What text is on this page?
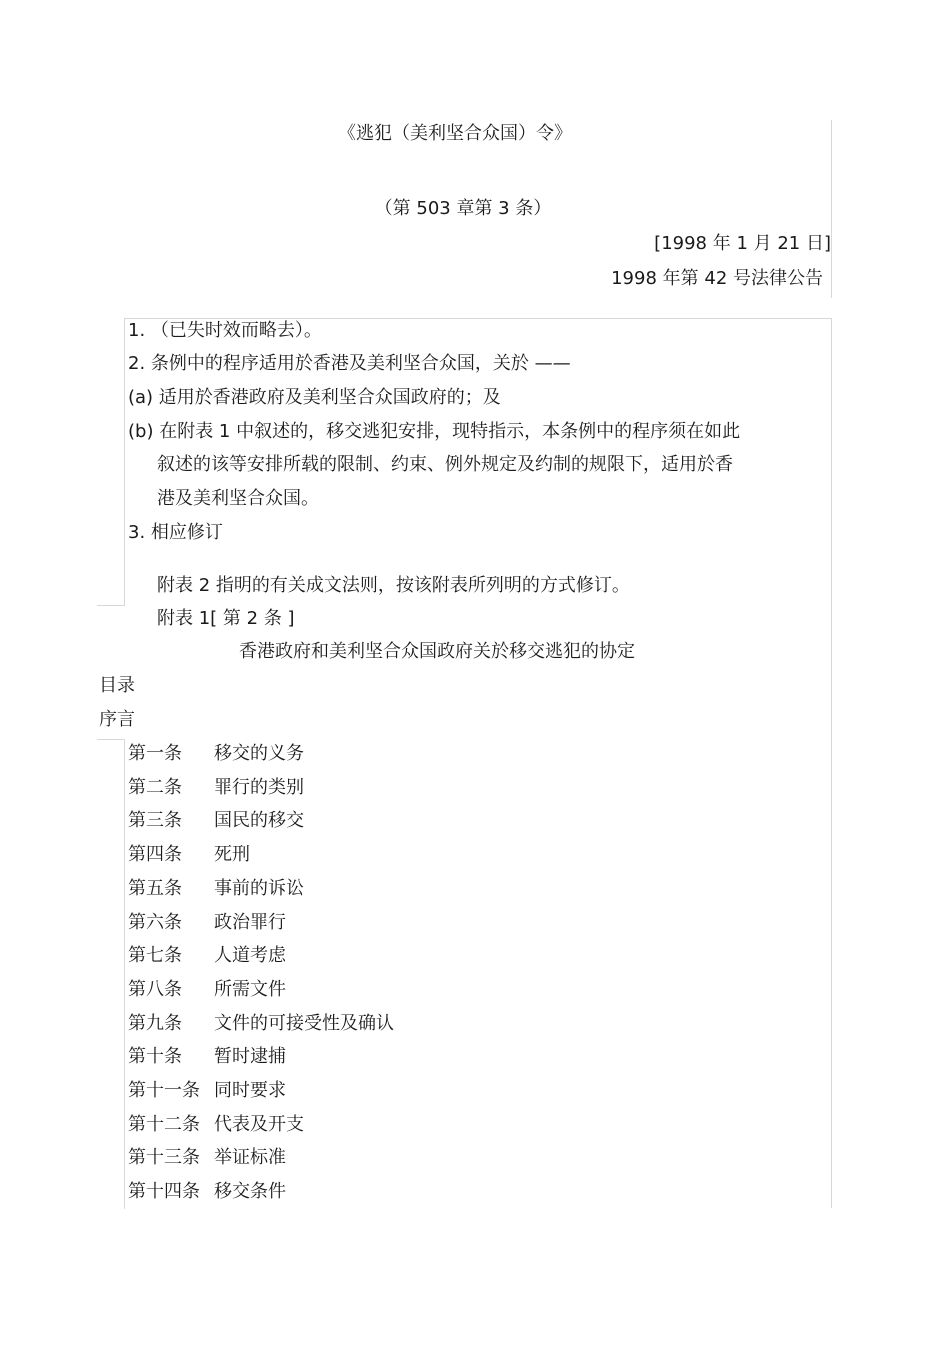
《逃犯（美利坚合众国）令》
（第 503 章第 3 条）
[1998 年 1 月 21 日]
1998 年第 42 号法律公告
1. （已失时效而略去）。
2. 条例中的程序适用於香港及美利坚合众国，关於 ——
(a) 适用於香港政府及美利坚合众国政府的；及
(b) 在附表 1 中叙述的，移交逃犯安排，现特指示，本条例中的程序须在如此
叙述的该等安排所载的限制、约束、例外规定及约制的规限下，适用於香
港及美利坚合众国。
3. 相应修订
附表 2 指明的有关成文法则，按该附表所列明的方式修订。
附表 1[ 第 2 条 ]
香港政府和美利坚合众国政府关於移交逃犯的协定
目录
序言
第一条 移交的义务
第二条 罪行的类别
第三条 国民的移交
第四条 死刑
第五条 事前的诉讼
第六条 政治罪行
第七条 人道考虑
第八条 所需文件
第九条 文件的可接受性及确认
第十条 暂时逮捕
第十一条 同时要求
第十二条 代表及开支
第十三条 举证标准
第十四条 移交条件
